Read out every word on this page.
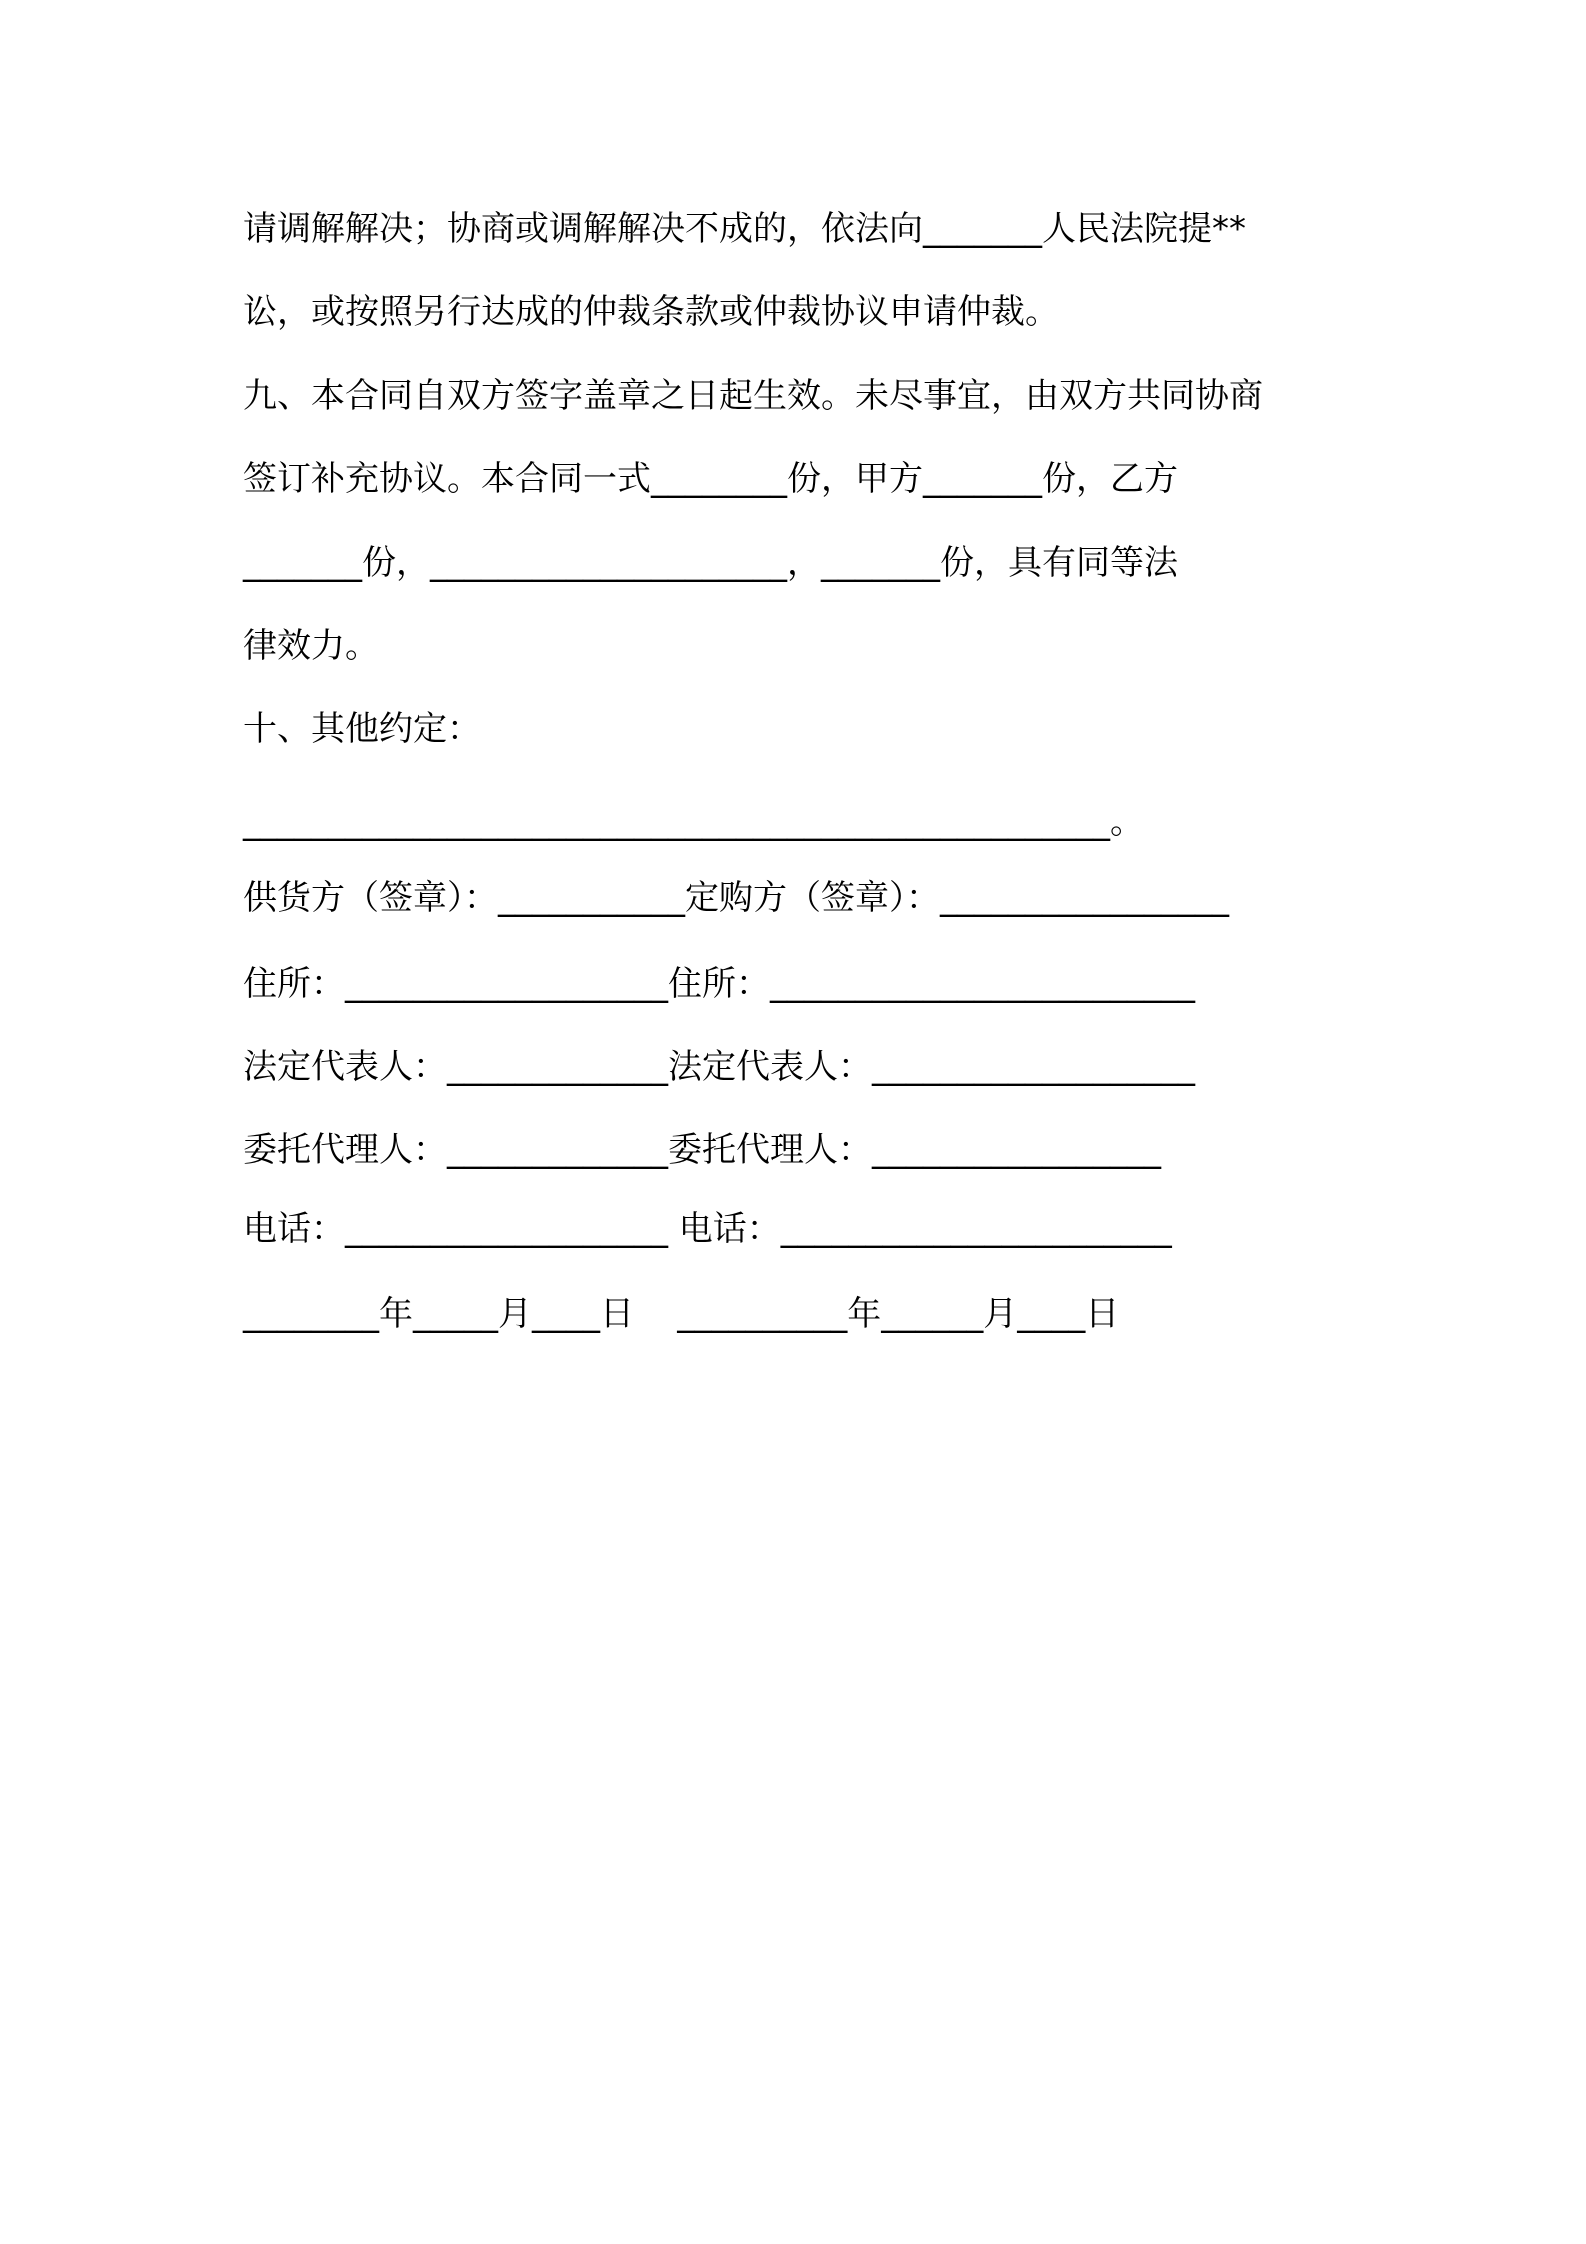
请调解解决；协商或调解解决不成的，依法向_______人民法院提**
讼，或按照另行达成的仲裁条款或仲裁协议申请仲裁。
九、本合同自双方签字盖章之日起生效。未尽事宜，由双方共同协商
签订补充协议。本合同一式________份，甲方_______份，乙方
_______份，_____________________，_______份，具有同等法
律效力。
十、其他约定：
___________________________________________________。
供货方（签章）：___________定购方（签章）：_________________
住所：___________________住所：_________________________
法定代表人：_____________法定代表人：___________________
委托代理人：_____________委托代理人：_________________
电话：___________________ 电话：_______________________
________年_____月____日    __________年______月____日
